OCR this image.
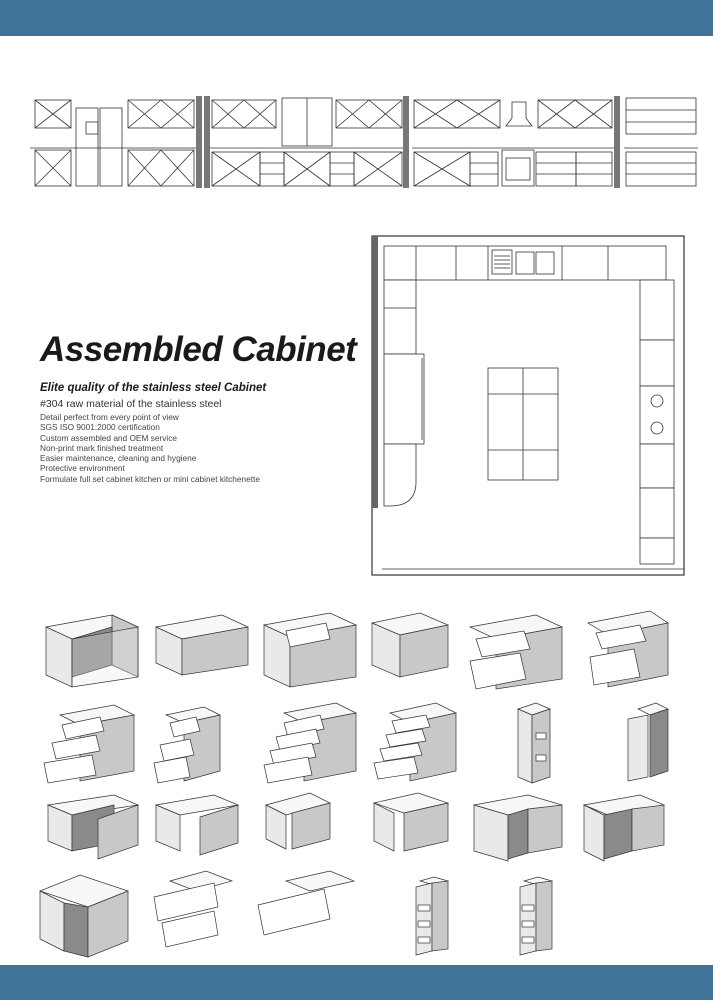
Assembled Cabinet
Elite quality of the stainless steel Cabinet
#304 raw material of the stainless steel
Detail perfect from every point of view
SGS ISO 9001:2000 certification
Custom assembled and OEM service
Non-print mark finished treatment
Easier maintenance, cleaning and hygiene
Protective environment
Formulate full set cabinet kitchen or mini cabinet kitchenette
